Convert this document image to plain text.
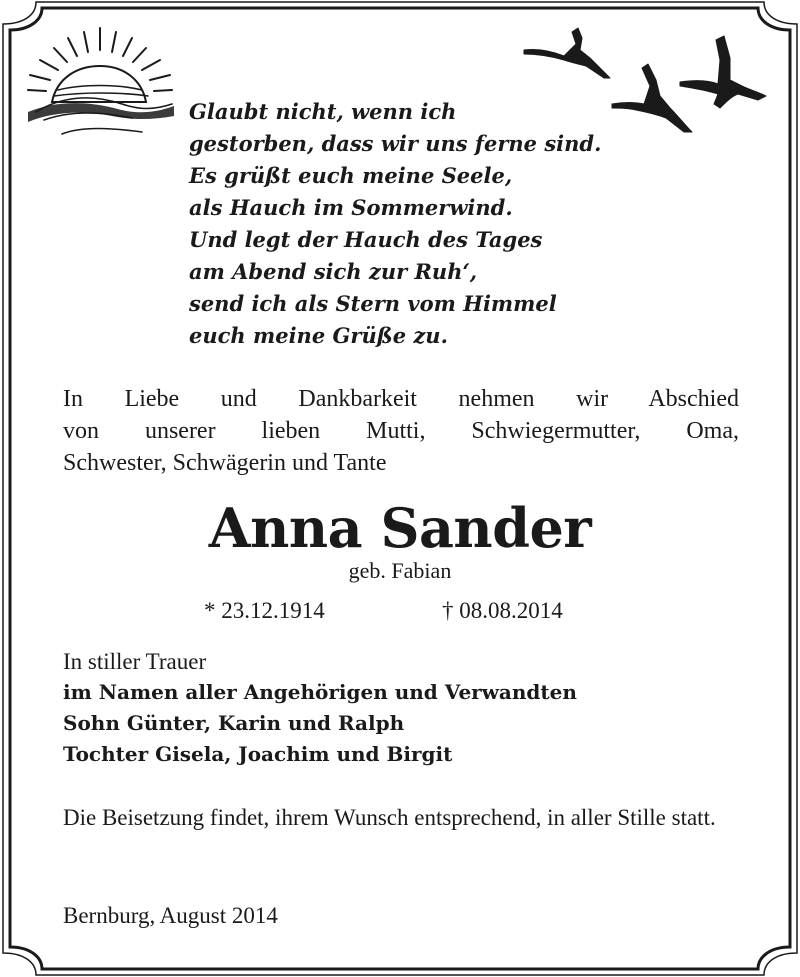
Glaubt nicht, wenn ich
gestorben, dass wir uns ferne sind.
Es grüßt euch meine Seele,
als Hauch im Sommerwind.
Und legt der Hauch des Tages
am Abend sich zur Ruh‘,
send ich als Stern vom Himmel
euch meine Grüße zu.
In Liebe und Dankbarkeit nehmen wir Abschied
von unserer lieben Mutti, Schwiegermutter, Oma,
Schwester, Schwägerin und Tante
Anna Sander
geb. Fabian
* 23.12.1914	† 08.08.2014
In stiller Trauer
im Namen aller Angehörigen und Verwandten
Sohn Günter, Karin und Ralph
Tochter Gisela, Joachim und Birgit
Die Beisetzung findet, ihrem Wunsch entsprechend, in aller Stille statt.
Bernburg, August 2014
